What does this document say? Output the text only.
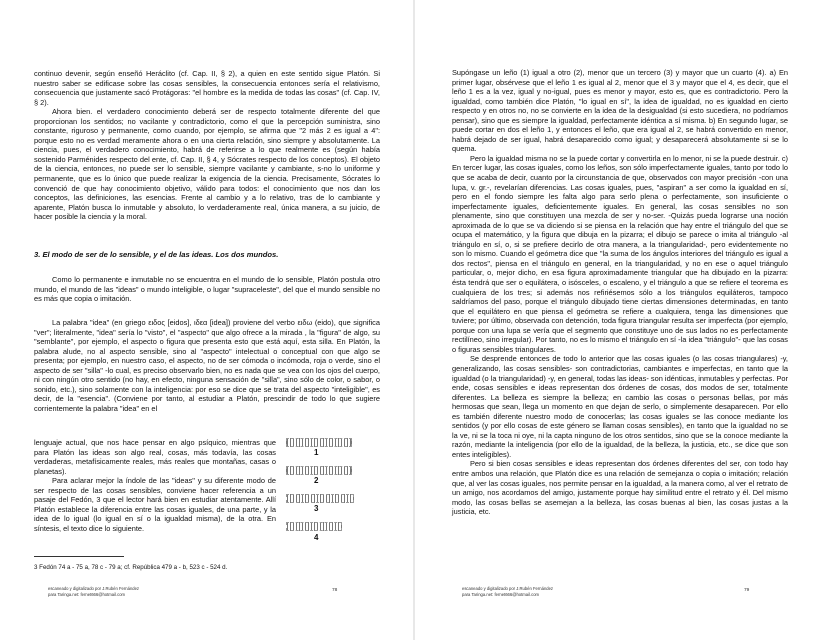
continuo devenir, según enseñó Heráclito (cf. Cap. II, § 2), a quien en este sentido sigue Platón. Si nuestro saber se edificase sobre las cosas sensibles, la consecuencia entonces sería el relativismo, consecuencia que justamente sacó Protágoras: "el hombre es la medida de todas las cosas" (cf. Cap. IV, § 2).

Ahora bien. el verdadero conocimiento deberá ser de respecto totalmente diferente del que proporcionan los sentidos; no vacilante y contradictorio, como el que la percepción suministra, sino constante, riguroso y permanente, como cuando, por ejemplo, se afirma que "2 más 2 es igual a 4": porque esto no es verdad meramente ahora o en una cierta relación, sino siempre y absolutamente. La ciencia, pues, el verdadero conocimiento, habrá de referirse a lo que realmente es (según había sostenido Parménides respecto del ente, cf. Cap. II, § 4, y Sócrates respecto de los conceptos). El objeto de la ciencia, entonces, no puede ser lo sensible, siempre vacilante y cambiante, s-no lo uniforme y permanente, que es lo único que puede realizar la exigencia de la ciencia. Precisamente, Sócrates lo convenció de que hay conocimiento objetivo, válido para todos: el conocimiento que nos dan los conceptos, las definiciones, las esencias. Frente al cambio y a lo relativo, tras de lo cambiante y aparente, Platón busca lo inmutable y absoluto, lo verdaderamente real, única manera, a su juicio, de hacer posible la ciencia y la moral.

3. El modo de ser de lo sensible, y el de las ideas. Los dos mundos.
Como lo permanente e inmutable no se encuentra en el mundo de lo sensible, Platón postula otro mundo, el mundo de las "ideas" o mundo inteligible, o lugar "supraceleste", del que el mundo sensible no es más que copia o imitación.

La palabra "idea" (en griego ειδος [eidos], ιδεα [idea]) proviene del verbo ειδω (eido), que significa "ver"; literalmente, "idea" sería lo "visto", el "aspecto" que algo ofrece a la mirada , la "figura" de algo, su "semblante", por ejemplo, el aspecto o figura que presenta esto que está aquí, esta silla. En Platón, la palabra alude, no al aspecto sensible, sino al "aspecto" intelectual o conceptual con que algo se presenta; por ejemplo, en nuestro caso, el aspecto, no de ser cómoda o incómoda, roja o verde, sino el aspecto de ser "silla" -lo cual, es preciso observarlo bien, no es nada que se vea con los ojos del cuerpo, ni con ningún otro sentido (no hay, en efecto, ninguna sensación de "silla", sino sólo de color, o sabor, o sonido, etc.), sino solamente con la inteligencia: por eso se dice que se trata del aspecto "inteligible", es decir, de la "esencia". (Conviene por tanto, al estudiar a Platón, prescindir de todo lo que sugiere corrientemente la palabra "idea" en el

1
2
3
4

lenguaje actual, que nos hace pensar en algo psíquico, mientras que para Platón las ideas son algo real, cosas, más todavía, las cosas verdaderas, metafísicamente reales, más reales que montañas, casas o planetas).

Para aclarar mejor la índole de las "ideas" y su diferente modo de ser respecto de las cosas sensibles, conviene hacer referencia a un pasaje del Fedón, 3 que el lector hará bien en estudiar atentamente. Allí Platón establece la diferencia entre las cosas iguales, de una parte, y la idea de lo igual (lo igual en sí o la igualdad misma), de la otra. En síntesis, el texto dice lo siguiente.

3 Fedón 74 a - 75 a, 78 c - 79 a; cf. República 479 a - b, 523 c - 524 d.
escaneado y digitalizado por J.Rubén Fernández
para Taringa.net: fernet666@hotmail.com
78

Supóngase un leño (1) igual a otro (2), menor que un tercero (3) y mayor que un cuarto (4). a) En primer lugar, obsérvese que el leño 1 es igual al 2, menor que el 3 y mayor que el 4, es decir, que el leño 1 es a la vez, igual y no-igual, pues es menor y mayor, esto es, que es contradictorio. Pero la igualdad, como también dice Platón, "lo igual en sí", la idea de igualdad, no es igualdad en cierto respecto y en otros no, no se convierte en la idea de la desigualdad (si esto sucediera, no podríamos pensar), sino que es siempre la igualdad, perfectamente idéntica a sí misma. b) En segundo lugar, se puede cortar en dos el leño 1, y entonces el leño, que era igual al 2, se habrá convertido en menor, habrá dejado de ser igual, habrá desaparecido como igual; y desaparecerá absolutamente si se lo quema.

Pero la igualdad misma no se la puede cortar y convertirla en lo menor, ni se la puede destruir. c) En tercer lugar, las cosas iguales, como los leños, son sólo imperfectamente iguales, tanto por todo lo que se acaba de decir, cuanto por la circunstancia de que, observados con mayor precisión -con una lupa, v. gr.-, revelarían diferencias. Las cosas iguales, pues, "aspiran" a ser como la igualdad en sí, pero en el fondo siempre les falta algo para serlo plena o perfectamente, son insuficiente o imperfectamente iguales, deficientemente iguales. En general, las cosas sensibles no son plenamente, sino que constituyen una mezcla de ser y no-ser. -Quizás pueda lograrse una noción aproximada de lo que se va diciendo si se piensa en la relación que hay entre el triángulo del que se ocupa el matemático, y la figura que dibuja en la pizarra; el dibujo se parece o imita al triángulo -al triángulo en sí, o, si se prefiere decirlo de otra manera, a la triangularidad-, pero evidentemente no son lo mismo. Cuando el geómetra dice que "la suma de los ángulos interiores del triángulo es igual a dos rectos", piensa en el triángulo en general, en la triangularidad, y no en ese o aquel triángulo particular, o, mejor dicho, en esa figura aproximadamente triangular que ha dibujado en la pizarra: ésta tendrá que ser o equilátera, o isósceles, o escaleno, y el triángulo a que se refiere el teorema es cualquiera de los tres; si además nos refiriésemos sólo a los triángulos equiláteros, tampoco saldríamos del paso, porque el triángulo dibujado tiene ciertas dimensiones determinadas, en tanto que el equilátero en que piensa el geómetra se refiere a cualquiera, tenga las dimensiones que tuviere; por último, observada con detención, toda figura triangular resulta ser imperfecta (por ejemplo, porque con una lupa se vería que el segmento que constituye uno de sus lados no es perfectamente rectilíneo, sino irregular). Por tanto, no es lo mismo el triángulo en sí -la idea "triángulo"- que las cosas o figuras sensibles triangulares.

Se desprende entonces de todo lo anterior que las cosas iguales (o las cosas triangulares) -y, generalizando, las cosas sensibles- son contradictorias, cambiantes e imperfectas, en tanto que la igualdad (o la triangularidad) -y, en general, todas las ideas- son idénticas, inmutables y perfectas. Por ende, cosas sensibles e ideas representan dos órdenes de cosas, dos modos de ser, totalmente diferentes. La belleza es siempre la belleza; en cambio las cosas o personas bellas, por más hermosas que sean, llega un momento en que dejan de serlo, o simplemente desaparecen. Por ello es también diferente nuestro modo de conocerlas; las cosas iguales se las conoce mediante los sentidos (y por ello cosas de este género se llaman cosas sensibles), en tanto que la igualdad no se la ve, ni se la toca ni oye, ni la capta ninguno de los otros sentidos, sino que se la conoce mediante la razón, mediante la inteligencia (por ello de la igualdad, de la belleza, la justicia, etc., se dice que son entes inteligibles).

Pero si bien cosas sensibles e ideas representan dos órdenes diferentes del ser, con todo hay entre ambos una relación, que Platón dice es una relación de semejanza o copia o imitación; relación que, al ver las cosas iguales, nos permite pensar en la igualdad, a la manera como, al ver el retrato de un amigo, nos acordamos del amigo, justamente porque hay similitud entre el retrato y él. Del mismo modo, las cosas bellas se asemejan a la belleza, las cosas buenas al bien, las cosas justas a la justicia, etc.

escaneado y digitalizado por J.Rubén Fernández
para Taringa.net: fernet666@hotmail.com
79
